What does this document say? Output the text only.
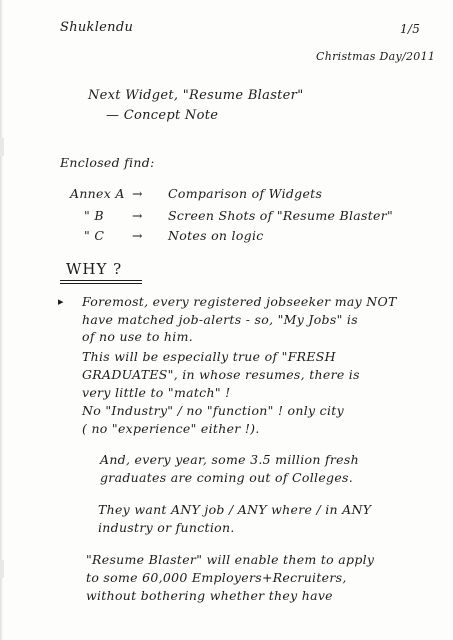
Shuklendu	1/5
Christmas Day/2011
Next Widget, "Resume Blaster"
— Concept Note
Enclosed find:
Annex A → Comparison of Widgets
" B → Screen Shots of "Resume Blaster"
" C → Notes on logic
WHY ?
▸ Foremost, every registered jobseeker may NOT
have matched job-alerts - so, "My Jobs" is
of no use to him.
This will be especially true of "FRESH
GRADUATES", in whose resumes, there is
very little to "match" !
No "Industry" / no "function" ! only city
( no "experience" either !).
And, every year, some 3.5 million fresh
graduates are coming out of Colleges.
They want ANY job / ANY where / in ANY
industry or function.
"Resume Blaster" will enable them to apply
to some 60,000 Employers+Recruiters,
without bothering whether they have
